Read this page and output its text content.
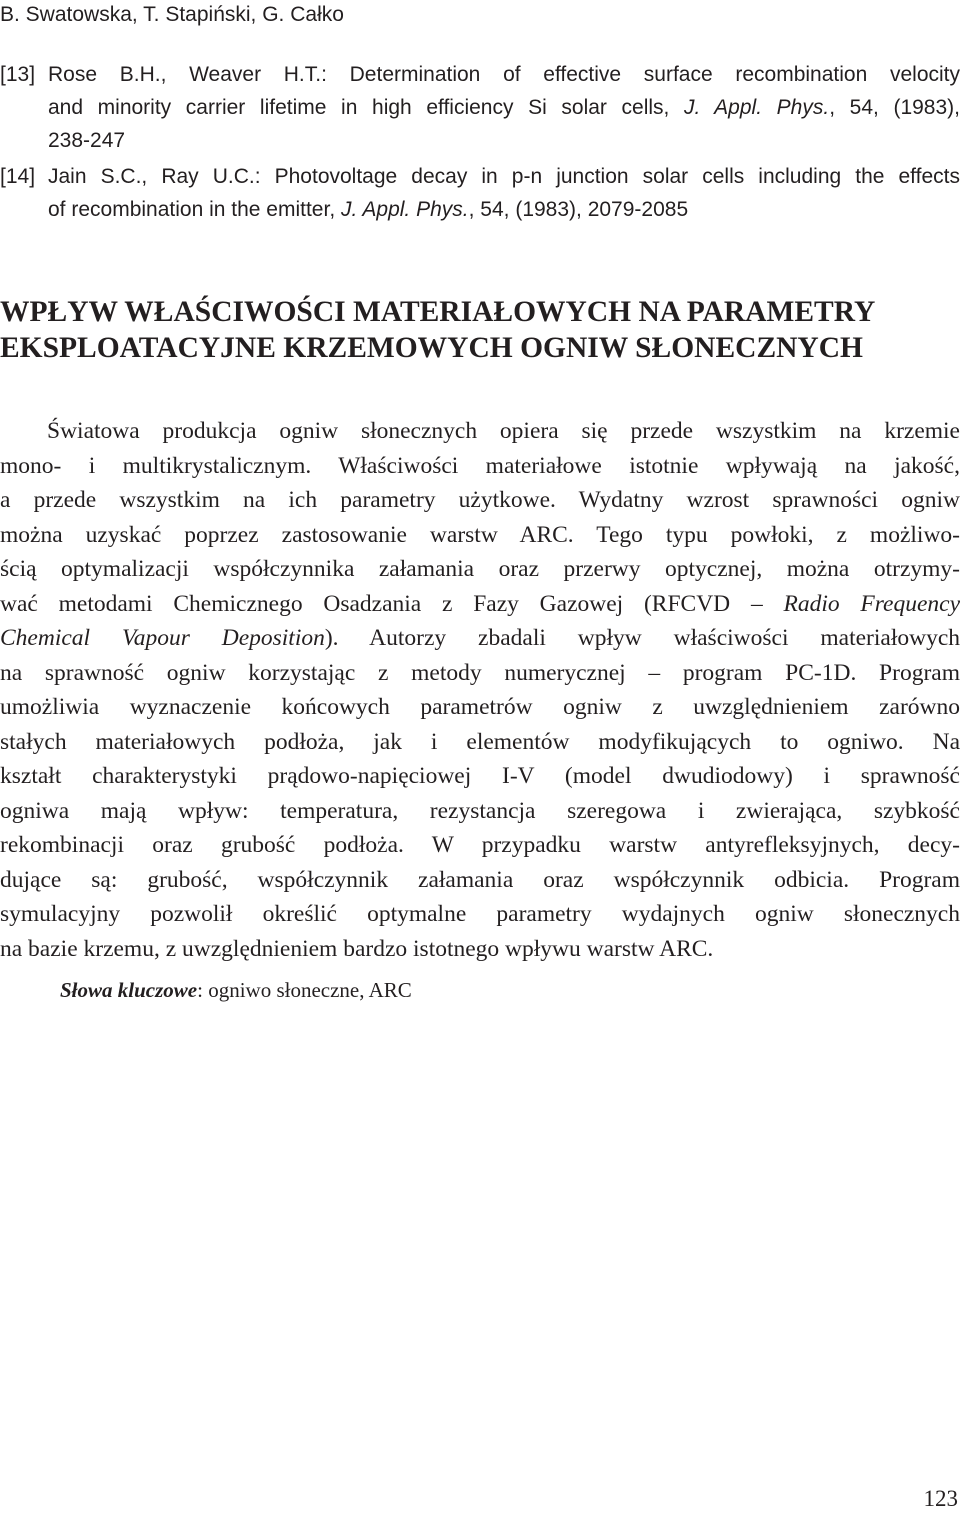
B. Swatowska, T. Stapiński, G. Całko
[13] Rose B.H., Weaver H.T.: Determination of effective surface recombination velocity
and minority carrier lifetime in high efficiency Si solar cells, J. Appl. Phys., 54, (1983),
238-247
[14] Jain S.C., Ray U.C.: Photovoltage decay in p-n junction solar cells including the effects
of recombination in the emitter, J. Appl. Phys., 54, (1983), 2079-2085
WPŁYW WŁAŚCIWOŚCI MATERIAŁOWYCH NA PARAMETRY
EKSPLOATACYJNE KRZEMOWYCH OGNIW SŁONECZNYCH
Światowa produkcja ogniw słonecznych opiera się przede wszystkim na krzemie
mono- i multikrystalicznym. Właściwości materiałowe istotnie wpływają na jakość,
a przede wszystkim na ich parametry użytkowe. Wydatny wzrost sprawności ogniw
można uzyskać poprzez zastosowanie warstw ARC. Tego typu powłoki, z możliwo-
ścią optymalizacji współczynnika załamania oraz przerwy optycznej, można otrzymy-
wać metodami Chemicznego Osadzania z Fazy Gazowej (RFCVD – Radio Frequency
Chemical Vapour Deposition). Autorzy zbadali wpływ właściwości materiałowych
na sprawność ogniw korzystając z metody numerycznej – program PC-1D. Program
umożliwia wyznaczenie końcowych parametrów ogniw z uwzględnieniem zarówno
stałych materiałowych podłoża, jak i elementów modyfikujących to ogniwo. Na
kształt charakterystyki prądowo-napięciowej I-V (model dwudiodowy) i sprawność
ogniwa mają wpływ: temperatura, rezystancja szeregowa i zwierająca, szybkość
rekombinacji oraz grubość podłoża. W przypadku warstw antyrefleksyjnych, decy-
dujące są: grubość, współczynnik załamania oraz współczynnik odbicia. Program
symulacyjny pozwolił określić optymalne parametry wydajnych ogniw słonecznych
na bazie krzemu, z uwzględnieniem bardzo istotnego wpływu warstw ARC.
Słowa kluczowe: ogniwo słoneczne, ARC
123
